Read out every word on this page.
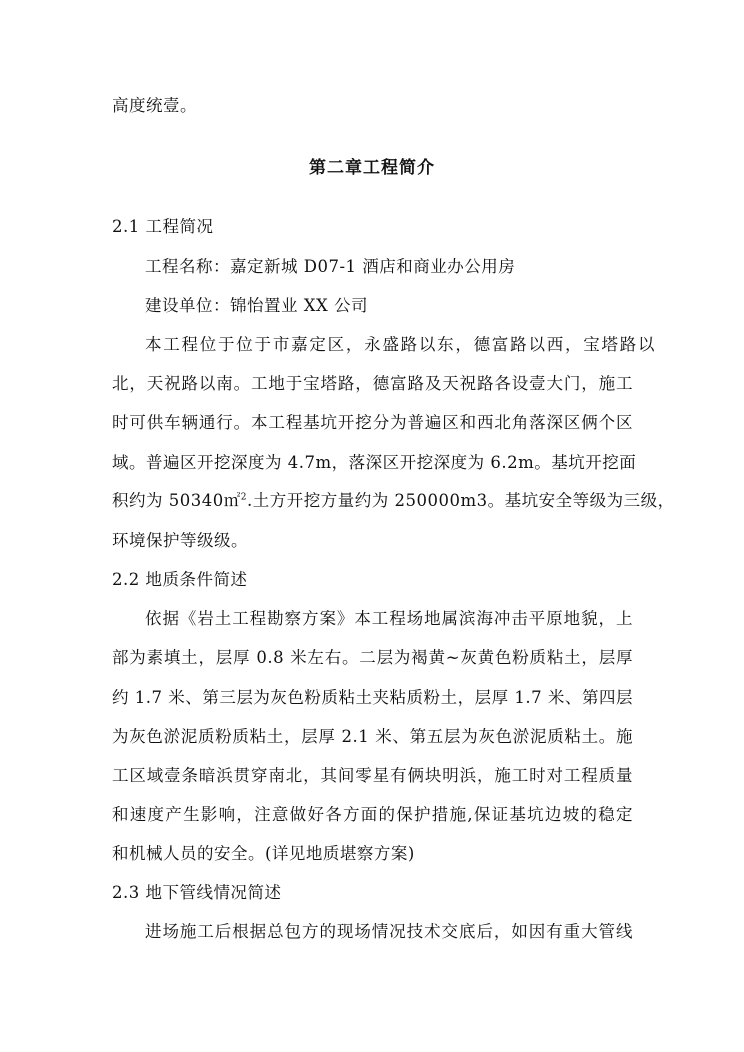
高度统壹。
第二章工程简介
2.1 工程简况
工程名称：嘉定新城 D07-1 酒店和商业办公用房
建设单位：锦怡置业 XX 公司
本工程位于位于市嘉定区，永盛路以东，德富路以西，宝塔路以
北，天祝路以南。工地于宝塔路，德富路及天祝路各设壹大门，施工
时可供车辆通行。本工程基坑开挖分为普遍区和西北角落深区俩个区
域。普遍区开挖深度为 4.7m，落深区开挖深度为 6.2m。基坑开挖面
积约为 50340㎡$^2$.土方开挖方量约为 250000m3。基坑安全等级为三级，
环境保护等级级。
2.2 地质条件简述
依据《岩土工程勘察方案》本工程场地属滨海冲击平原地貌，上
部为素填土，层厚 0.8 米左右。二层为褐黄~灰黄色粉质粘土，层厚
约 1.7 米、第三层为灰色粉质粘土夹粘质粉土，层厚 1.7 米、第四层
为灰色淤泥质粉质粘土，层厚 2.1 米、第五层为灰色淤泥质粘土。施
工区域壹条暗浜贯穿南北，其间零星有俩块明浜，施工时对工程质量
和速度产生影响，注意做好各方面的保护措施,保证基坑边坡的稳定
和机械人员的安全。(详见地质堪察方案)
2.3 地下管线情况简述
进场施工后根据总包方的现场情况技术交底后，如因有重大管线
